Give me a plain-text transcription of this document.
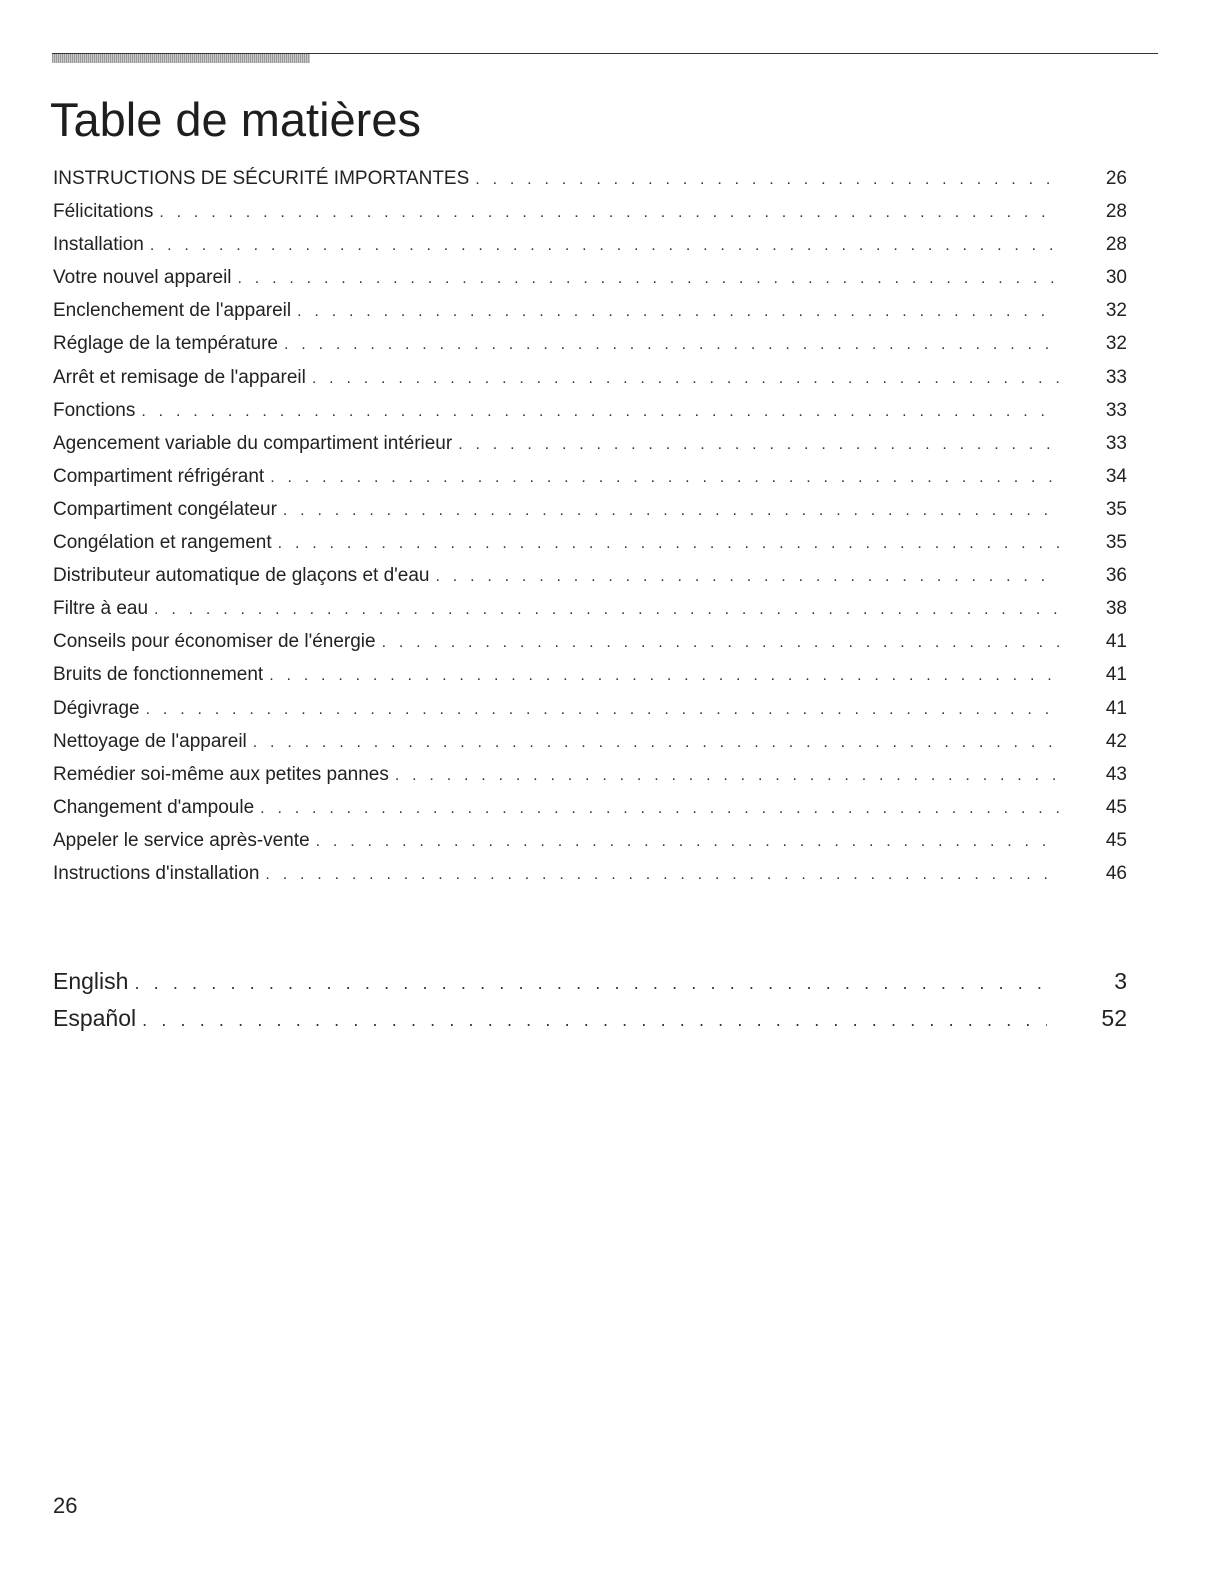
Table de matières
INSTRUCTIONS DE SÉCURITÉ IMPORTANTES . . .	26
Félicitations . . .	28
Installation . . .	28
Votre nouvel appareil . . .	30
Enclenchement de l'appareil . . .	32
Réglage de la température . . .	32
Arrêt et remisage de l'appareil . . .	33
Fonctions . . .	33
Agencement variable du compartiment intérieur . . .	33
Compartiment réfrigérant . . .	34
Compartiment congélateur . . .	35
Congélation et rangement . . .	35
Distributeur automatique de glaçons et d'eau . . .	36
Filtre à eau . . .	38
Conseils pour économiser de l'énergie . . .	41
Bruits de fonctionnement . . .	41
Dégivrage . . .	41
Nettoyage de l'appareil . . .	42
Remédier soi-même aux petites pannes . . .	43
Changement d'ampoule . . .	45
Appeler le service après-vente . . .	45
Instructions d'installation . . .	46
English . . .	3
Español . . .	52
26
